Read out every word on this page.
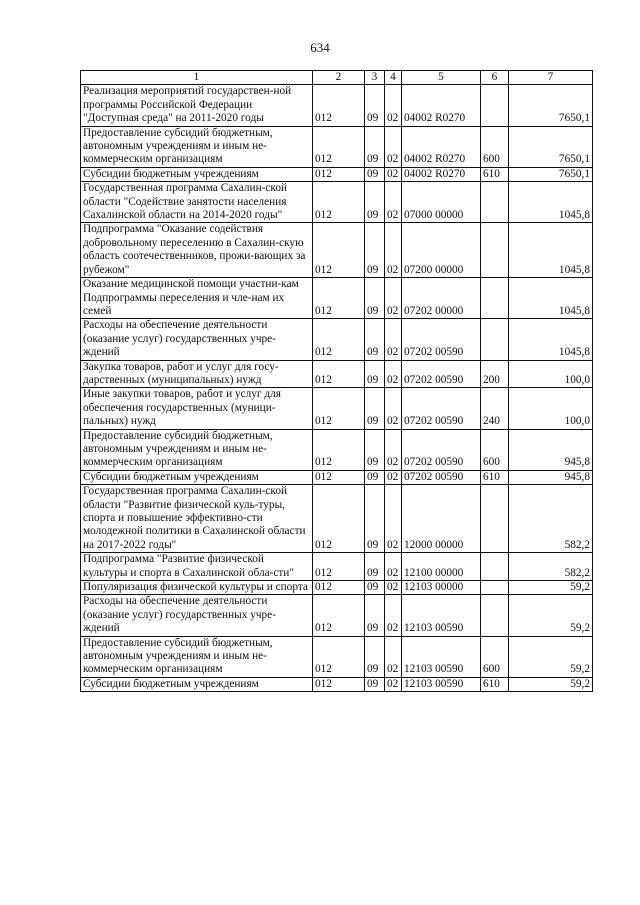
634
1	2	3	4	5	6	7
Реализация мероприятий государствен-ной программы Российской Федерации "Доступная среда" на 2011-2020 годы	012	09	02	04002 R0270		7650,1
Предоставление субсидий бюджетным, автономным учреждениям и иным не-коммерческим организациям	012	09	02	04002 R0270	600	7650,1
Субсидии бюджетным учреждениям	012	09	02	04002 R0270	610	7650,1
Государственная программа Сахалин-ской области "Содействие занятости населения Сахалинской области на 2014-2020 годы"	012	09	02	07000 00000		1045,8
Подпрограмма "Оказание содействия добровольному переселению в Сахалин-скую область соотечественников, прожи-вающих за рубежом"	012	09	02	07200 00000		1045,8
Оказание медицинской помощи участни-кам Подпрограммы переселения и чле-нам их семей	012	09	02	07202 00000		1045,8
Расходы на обеспечение деятельности (оказание услуг) государственных учре-ждений	012	09	02	07202 00590		1045,8
Закупка товаров, работ и услуг для госу-дарственных (муниципальных) нужд	012	09	02	07202 00590	200	100,0
Иные закупки товаров, работ и услуг для обеспечения государственных (муници-пальных) нужд	012	09	02	07202 00590	240	100,0
Предоставление субсидий бюджетным, автономным учреждениям и иным не-коммерческим организациям	012	09	02	07202 00590	600	945,8
Субсидии бюджетным учреждениям	012	09	02	07202 00590	610	945,8
Государственная программа Сахалин-ской области "Развитие физической куль-туры, спорта и повышение эффективно-сти молодежной политики в Сахалинской области на 2017-2022 годы"	012	09	02	12000 00000		582,2
Подпрограмма "Развитие физической культуры и спорта в Сахалинской обла-сти"	012	09	02	12100 00000		582,2
Популяризация физической культуры и спорта	012	09	02	12103 00000		59,2
Расходы на обеспечение деятельности (оказание услуг) государственных учре-ждений	012	09	02	12103 00590		59,2
Предоставление субсидий бюджетным, автономным учреждениям и иным не-коммерческим организациям	012	09	02	12103 00590	600	59,2
Субсидии бюджетным учреждениям	012	09	02	12103 00590	610	59,2
